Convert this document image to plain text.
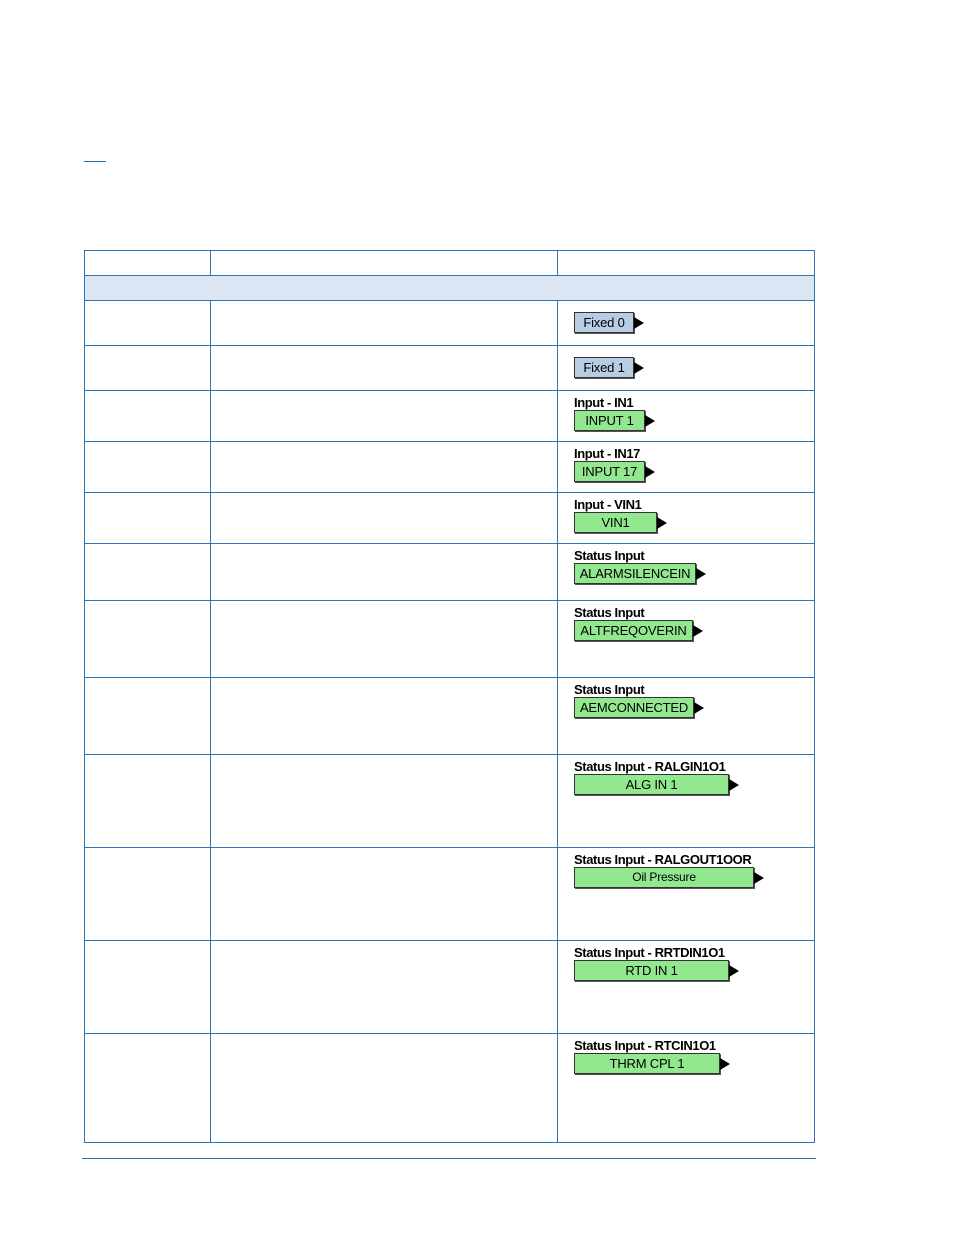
		Fixed 0

		Fixed 1

		Input - IN1
INPUT 1

		Input - IN17
INPUT 17

		Input - VIN1
VIN1

		Status Input
ALARMSILENCEIN

		Status Input
ALTFREQOVERIN

		Status Input
AEMCONNECTED

		Status Input - RALGIN1O1
ALG IN 1

		Status Input - RALGOUT1OOR
Oil Pressure

		Status Input - RRTDIN1O1
RTD IN 1

		Status Input - RTCIN1O1
THRM CPL 1
